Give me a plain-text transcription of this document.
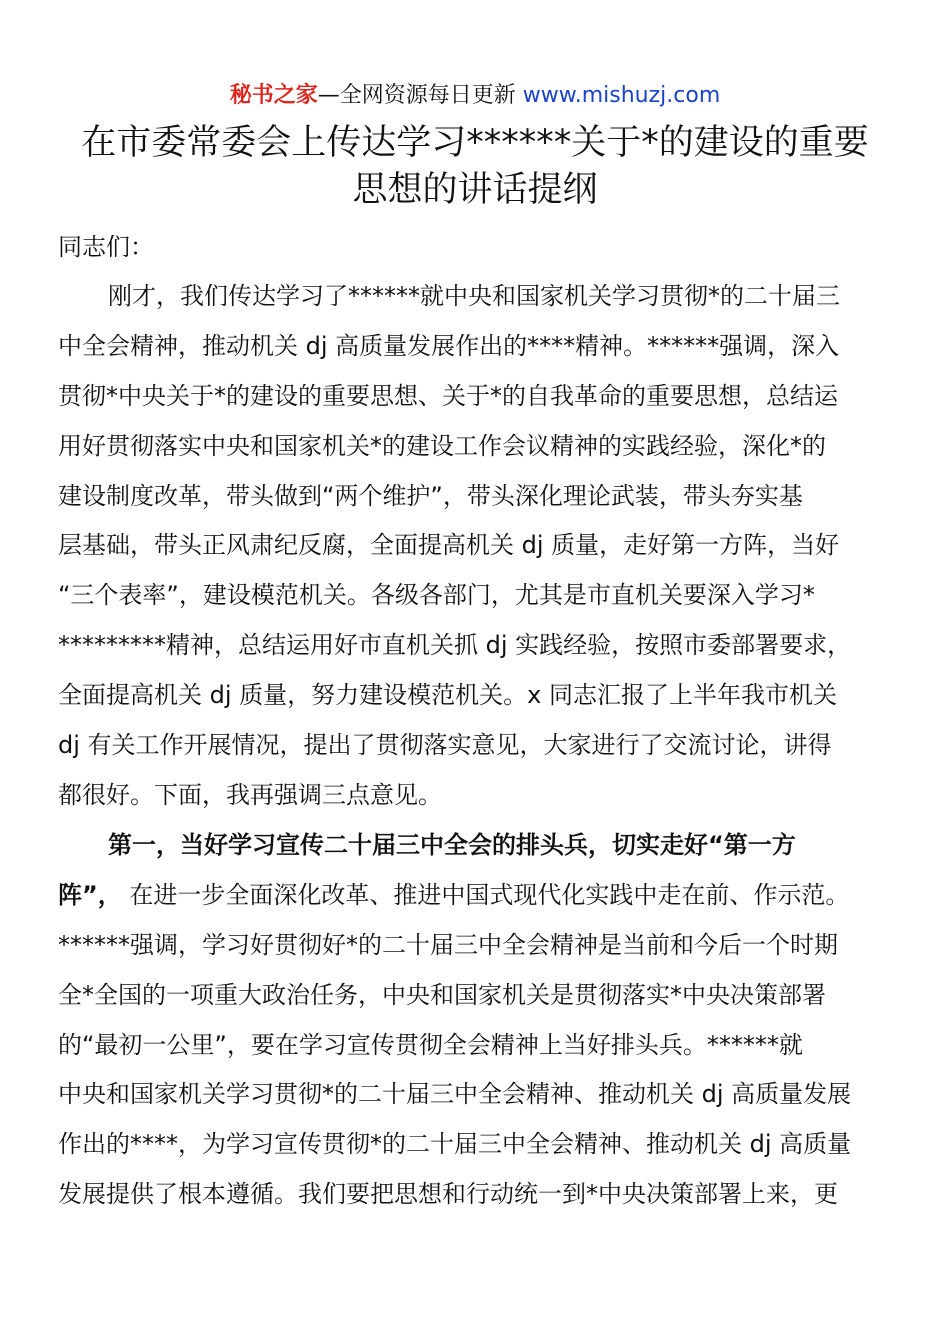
秘书之家—全网资源每日更新 www.mishuzj.com
在市委常委会上传达学习******关于*的建设的重要
思想的讲话提纲
同志们：
刚才，我们传达学习了******就中央和国家机关学习贯彻*的二十届三
中全会精神，推动机关 dj 高质量发展作出的****精神。******强调，深入
贯彻*中央关于*的建设的重要思想、关于*的自我革命的重要思想，总结运
用好贯彻落实中央和国家机关*的建设工作会议精神的实践经验，深化*的
建设制度改革，带头做到“两个维护”，带头深化理论武装，带头夯实基
层基础，带头正风肃纪反腐，全面提高机关 dj 质量，走好第一方阵，当好
“三个表率”，建设模范机关。各级各部门，尤其是市直机关要深入学习*
*********精神，总结运用好市直机关抓 dj 实践经验，按照市委部署要求，
全面提高机关 dj 质量，努力建设模范机关。x 同志汇报了上半年我市机关
dj 有关工作开展情况，提出了贯彻落实意见，大家进行了交流讨论，讲得
都很好。下面，我再强调三点意见。
第一，当好学习宣传二十届三中全会的排头兵，切实走好“第一方
阵”， 在进一步全面深化改革、推进中国式现代化实践中走在前、作示范。
******强调，学习好贯彻好*的二十届三中全会精神是当前和今后一个时期
全*全国的一项重大政治任务，中央和国家机关是贯彻落实*中央决策部署
的“最初一公里”，要在学习宣传贯彻全会精神上当好排头兵。******就
中央和国家机关学习贯彻*的二十届三中全会精神、推动机关 dj 高质量发展
作出的****，为学习宣传贯彻*的二十届三中全会精神、推动机关 dj 高质量
发展提供了根本遵循。我们要把思想和行动统一到*中央决策部署上来，更
